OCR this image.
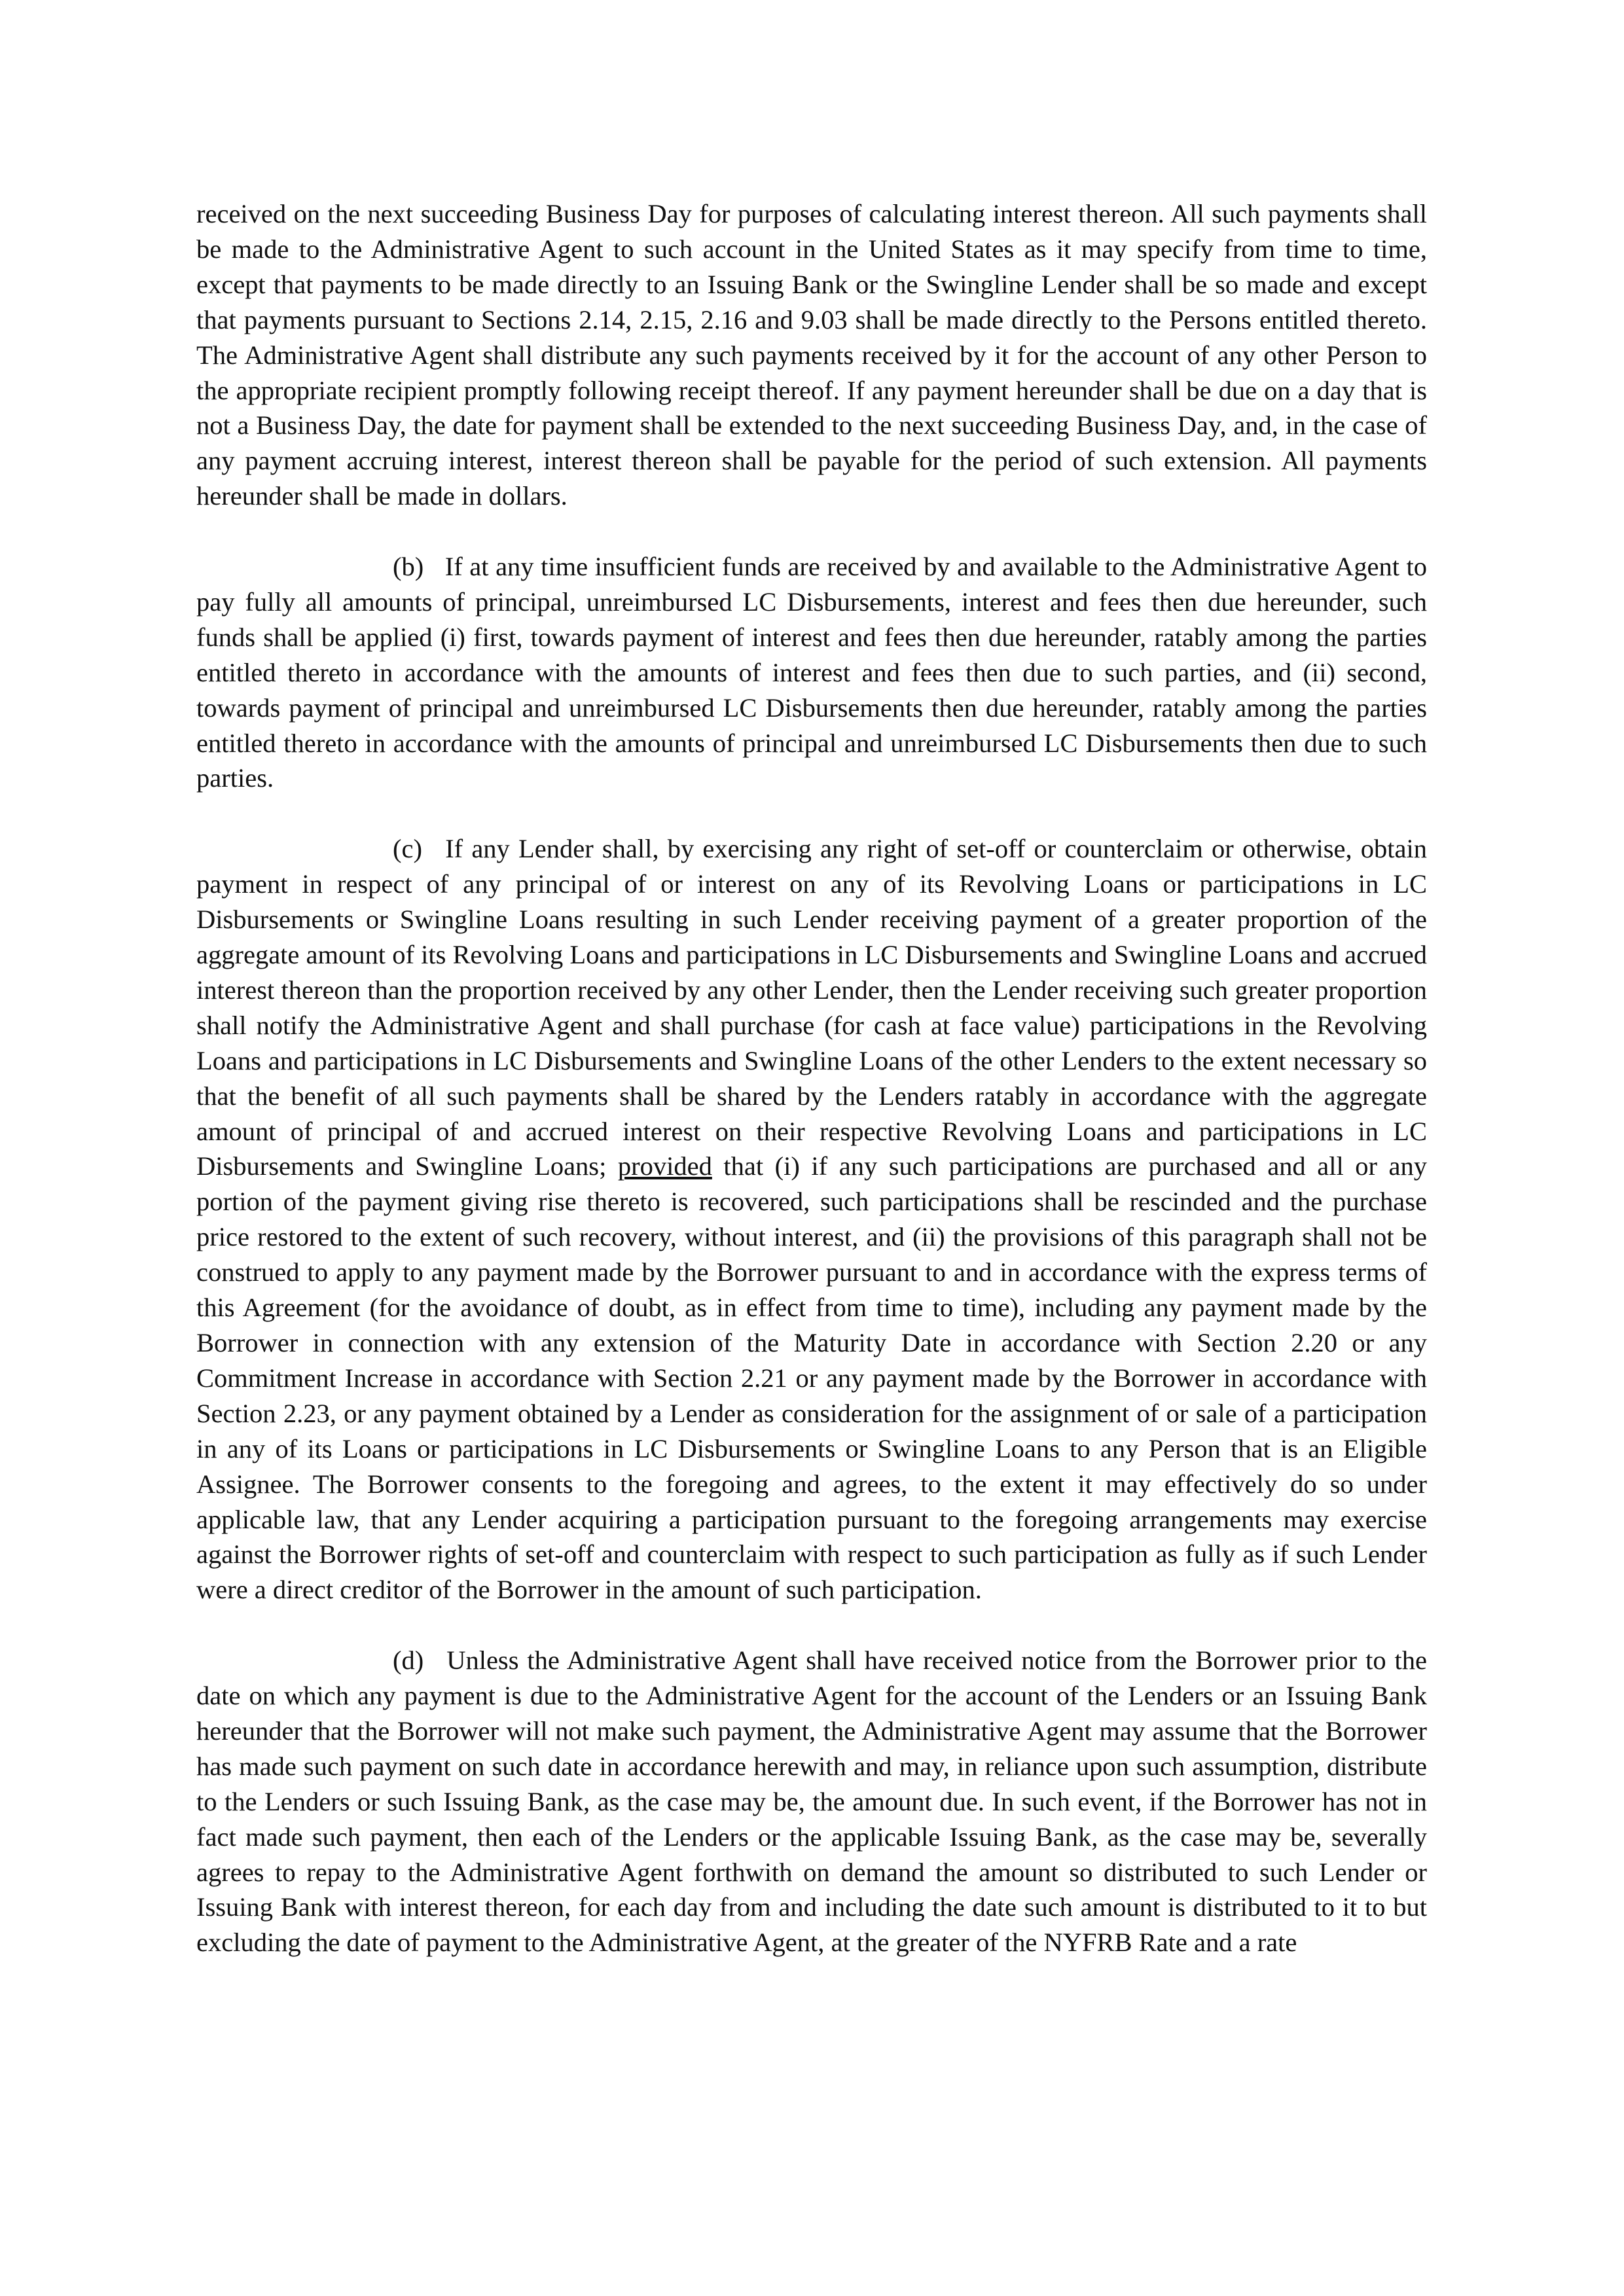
received on the next succeeding Business Day for purposes of calculating interest thereon. All such payments shall be made to the Administrative Agent to such account in the United States as it may specify from time to time, except that payments to be made directly to an Issuing Bank or the Swingline Lender shall be so made and except that payments pursuant to Sections 2.14, 2.15, 2.16 and 9.03 shall be made directly to the Persons entitled thereto. The Administrative Agent shall distribute any such payments received by it for the account of any other Person to the appropriate recipient promptly following receipt thereof. If any payment hereunder shall be due on a day that is not a Business Day, the date for payment shall be extended to the next succeeding Business Day, and, in the case of any payment accruing interest, interest thereon shall be payable for the period of such extension. All payments hereunder shall be made in dollars.

(b) If at any time insufficient funds are received by and available to the Administrative Agent to pay fully all amounts of principal, unreimbursed LC Disbursements, interest and fees then due hereunder, such funds shall be applied (i) first, towards payment of interest and fees then due hereunder, ratably among the parties entitled thereto in accordance with the amounts of interest and fees then due to such parties, and (ii) second, towards payment of principal and unreimbursed LC Disbursements then due hereunder, ratably among the parties entitled thereto in accordance with the amounts of principal and unreimbursed LC Disbursements then due to such parties.

(c) If any Lender shall, by exercising any right of set-off or counterclaim or otherwise, obtain payment in respect of any principal of or interest on any of its Revolving Loans or participations in LC Disbursements or Swingline Loans resulting in such Lender receiving payment of a greater proportion of the aggregate amount of its Revolving Loans and participations in LC Disbursements and Swingline Loans and accrued interest thereon than the proportion received by any other Lender, then the Lender receiving such greater proportion shall notify the Administrative Agent and shall purchase (for cash at face value) participations in the Revolving Loans and participations in LC Disbursements and Swingline Loans of the other Lenders to the extent necessary so that the benefit of all such payments shall be shared by the Lenders ratably in accordance with the aggregate amount of principal of and accrued interest on their respective Revolving Loans and participations in LC Disbursements and Swingline Loans; provided that (i) if any such participations are purchased and all or any portion of the payment giving rise thereto is recovered, such participations shall be rescinded and the purchase price restored to the extent of such recovery, without interest, and (ii) the provisions of this paragraph shall not be construed to apply to any payment made by the Borrower pursuant to and in accordance with the express terms of this Agreement (for the avoidance of doubt, as in effect from time to time), including any payment made by the Borrower in connection with any extension of the Maturity Date in accordance with Section 2.20 or any Commitment Increase in accordance with Section 2.21 or any payment made by the Borrower in accordance with Section 2.23, or any payment obtained by a Lender as consideration for the assignment of or sale of a participation in any of its Loans or participations in LC Disbursements or Swingline Loans to any Person that is an Eligible Assignee. The Borrower consents to the foregoing and agrees, to the extent it may effectively do so under applicable law, that any Lender acquiring a participation pursuant to the foregoing arrangements may exercise against the Borrower rights of set-off and counterclaim with respect to such participation as fully as if such Lender were a direct creditor of the Borrower in the amount of such participation.

(d) Unless the Administrative Agent shall have received notice from the Borrower prior to the date on which any payment is due to the Administrative Agent for the account of the Lenders or an Issuing Bank hereunder that the Borrower will not make such payment, the Administrative Agent may assume that the Borrower has made such payment on such date in accordance herewith and may, in reliance upon such assumption, distribute to the Lenders or such Issuing Bank, as the case may be, the amount due. In such event, if the Borrower has not in fact made such payment, then each of the Lenders or the applicable Issuing Bank, as the case may be, severally agrees to repay to the Administrative Agent forthwith on demand the amount so distributed to such Lender or Issuing Bank with interest thereon, for each day from and including the date such amount is distributed to it to but excluding the date of payment to the Administrative Agent, at the greater of the NYFRB Rate and a rate
